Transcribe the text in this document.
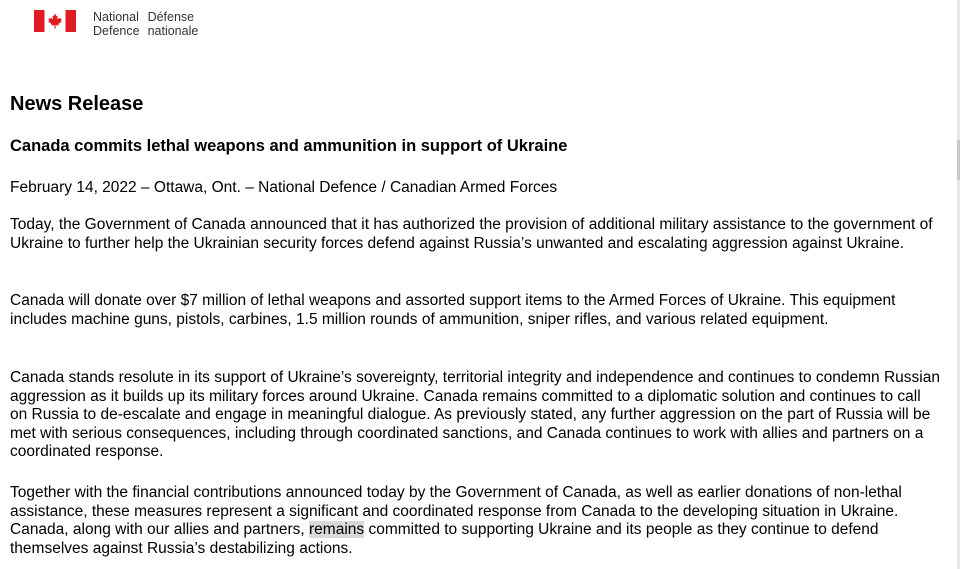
National Défense
Defence nationale
News Release
Canada commits lethal weapons and ammunition in support of Ukraine

February 14, 2022 – Ottawa, Ont. – National Defence / Canadian Armed Forces

Today, the Government of Canada announced that it has authorized the provision of additional military assistance to the government of Ukraine to further help the Ukrainian security forces defend against Russia’s unwanted and escalating aggression against Ukraine.

Canada will donate over $7 million of lethal weapons and assorted support items to the Armed Forces of Ukraine. This equipment includes machine guns, pistols, carbines, 1.5 million rounds of ammunition, sniper rifles, and various related equipment.

Canada stands resolute in its support of Ukraine’s sovereignty, territorial integrity and independence and continues to condemn Russian aggression as it builds up its military forces around Ukraine. Canada remains committed to a diplomatic solution and continues to call on Russia to de-escalate and engage in meaningful dialogue. As previously stated, any further aggression on the part of Russia will be met with serious consequences, including through coordinated sanctions, and Canada continues to work with allies and partners on a coordinated response.

Together with the financial contributions announced today by the Government of Canada, as well as earlier donations of non-lethal assistance, these measures represent a significant and coordinated response from Canada to the developing situation in Ukraine. Canada, along with our allies and partners, remains committed to supporting Ukraine and its people as they continue to defend themselves against Russia’s destabilizing actions.
